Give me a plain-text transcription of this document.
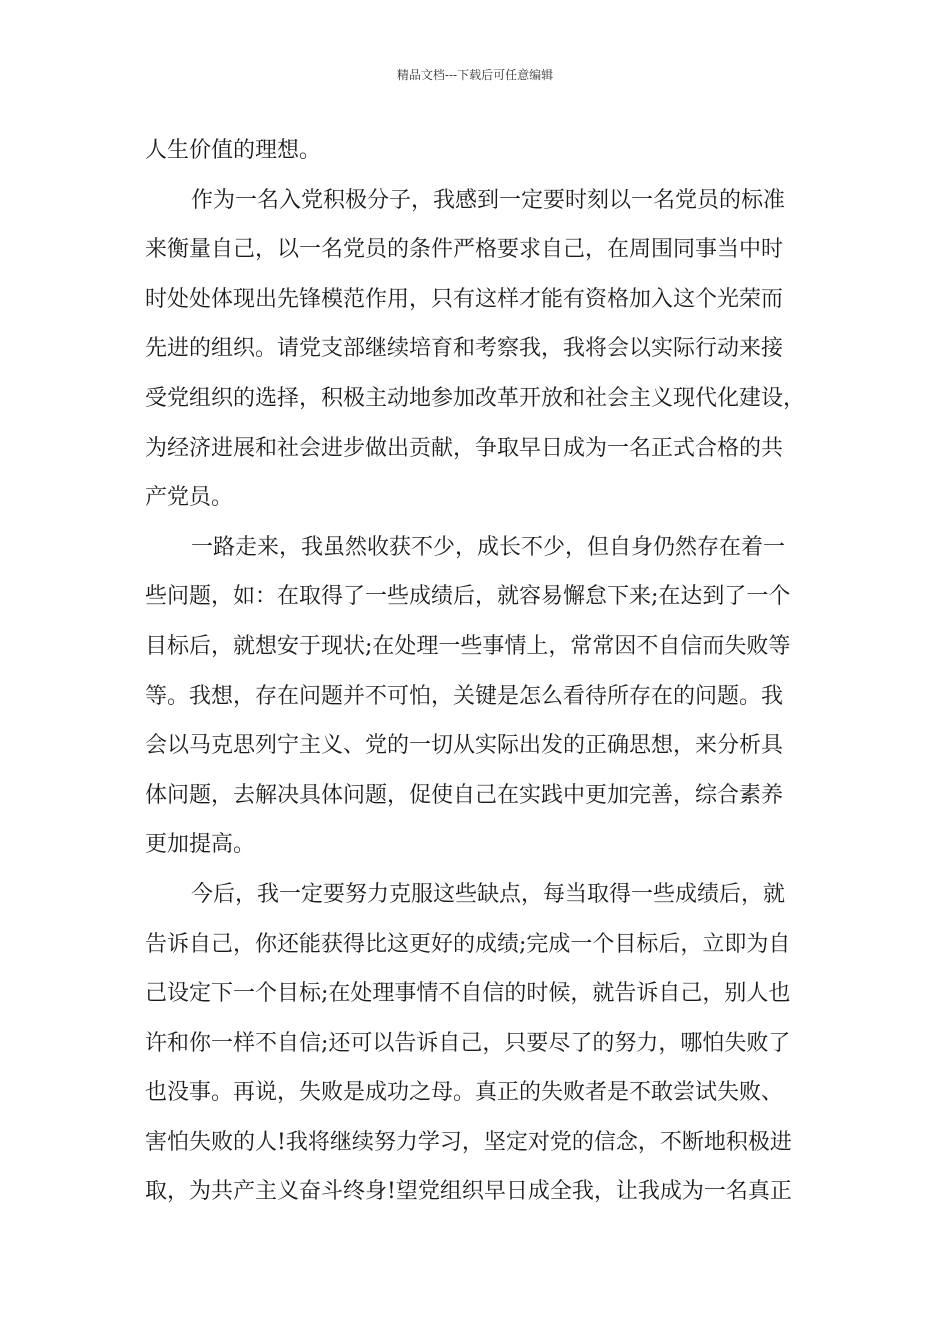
精品文档---下载后可任意编辑
人生价值的理想。
作为一名入党积极分子，我感到一定要时刻以一名党员的标准
来衡量自己，以一名党员的条件严格要求自己，在周围同事当中时
时处处体现出先锋模范作用，只有这样才能有资格加入这个光荣而
先进的组织。请党支部继续培育和考察我，我将会以实际行动来接
受党组织的选择，积极主动地参加改革开放和社会主义现代化建设，
为经济进展和社会进步做出贡献，争取早日成为一名正式合格的共
产党员。
一路走来，我虽然收获不少，成长不少，但自身仍然存在着一
些问题，如：在取得了一些成绩后，就容易懈怠下来;在达到了一个
目标后，就想安于现状;在处理一些事情上，常常因不自信而失败等
等。我想，存在问题并不可怕，关键是怎么看待所存在的问题。我
会以马克思列宁主义、党的一切从实际出发的正确思想，来分析具
体问题，去解决具体问题，促使自己在实践中更加完善，综合素养
更加提高。
今后，我一定要努力克服这些缺点，每当取得一些成绩后，就
告诉自己，你还能获得比这更好的成绩;完成一个目标后，立即为自
己设定下一个目标;在处理事情不自信的时候，就告诉自己，别人也
许和你一样不自信;还可以告诉自己，只要尽了的努力，哪怕失败了
也没事。再说，失败是成功之母。真正的失败者是不敢尝试失败、
害怕失败的人!我将继续努力学习，坚定对党的信念，不断地积极进
取，为共产主义奋斗终身!望党组织早日成全我，让我成为一名真正
